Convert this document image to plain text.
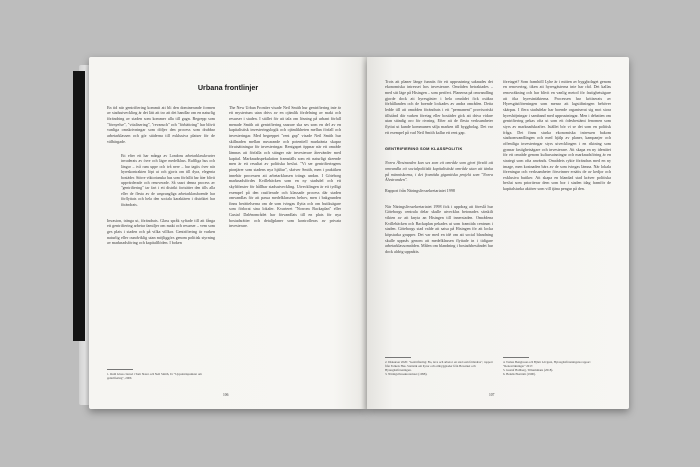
Urbana frontlinjer

En tid när gentrifiering kommit att bli den dominerande formen av stadsutveckling är det lätt att tro att det handlar om en naturlig förändring av staden som kommer alla till gagn. Begrepp som "förnyelse", "vitalisering", "revansch" och "förbättring" har blivit vanliga omskrivningar som döljer den process som drabbar arbetarklassen och gör städerna till exklusiva platser för de välbärgade.

Ett efter ett har många av Londons arbetarklasskvarter invaderats av övre och lägre medelklass. Ruffliga hus och längor – två rum uppe och två nere – har tagits över när hyreskontrakten löpt ut och gjorts om till dyra, elegenta bostäder. Större viktorianska hus som förfallit har åter blivit uppvärderade och renoverade. Så snart denna process av "gentrifiering" tar fart i ett distrikt fortsätter den tills alla eller de flesta av de ursprungliga arbetarklassboende har förflyttats och hela den sociala karaktären i distriktet har förändrats.

Invasion, tränga ut, förändrats. Glass språk syftade till att fånga ett gentrifiering arbetar familjer om makt och resurser – vem som ges plats i staden och på vilka villkor. Gentrifiering är varken naturlig eller oundviklig utan möjliggörs genom politisk styrning av marknadsföring och kapitalflöden. I boken

The New Urban Frontier visade Neil Smith hur gentrifiering inte är ett mysterium utan drivs av en ojämlik fördelning av makt och resurser i staden. I stället för att tala om lösning på urbant förfall menade Smith att gentrifiering snarare ska ses som en del av en kapitalistisk investeringslogik och ojämlikheten mellan förfall och investeringar. Med begreppet "rent gap" visade Neil Smith hur skillnaden mellan nuvarande och potentiell markränta skapar förutsättningar för investeringar. Rentgapet öppnar när ett område lämnas att förfalla och stänger när investerare återvänder med kapital. Marknadsspekulation framställs som ett naturligt skeende men är ett resultat av politiska beslut. "Vi ser gentrifieringens pionjärer som stadens nya hjältar", skriver Smith, men i praktiken innebär processen att arbetarklassen trängs undan. I Göteborg marknadsfördes Kvillebäcken som en ny stadsdel och ett skyltfönster för hållbar stadsutveckling. Utvecklingen är ett tydligt exempel på den rasifierade och klassade process där staden omvandlas för att passa medelklassens behov, men i bakgrunden finns berättelserna om de som tvingas flytta och om butiksägare som förlorat sina lokaler. Kvarteret "Norrom Backaplan" eller Gustaf Dalénområdet har förvandlats till en plats för nya bostadsrätter och detaljplaner som kontrolleras av privata investerare.

1. Ruth Glass citerad i Tom Slater och Neil Smith, Ur "Uppsnäckpunkter om gentrifiering", 2006
106

Trots att planer länge funnits för ett upprustning saknades det ekonomiska intresset hos investerare. Områden betraktades – med sitt läge på Hisingen – som perifert. Planerna på omvandling gjorde dock att hyresgäster i hela området fick osäkra förhållanden och de boende lockades av andra områden. Detta ledde till att områden förändrats i ett "permanent" provisoriskt tillstånd där varken företag eller bostäder gick att driva vidare utan ständig oro för rivning. Efter att de flesta verksamheter flyttat ut kunde kommunen sälja marken till byggbolag. Det var ett exempel på vad Neil Smith kallar ett rent gap.

GENTRIFIERING SOM KLASSPOLITIK

Norra Älvstranden kan ses som ett område som gjort försök att omvandla ett socialpolitiskt kapitalistiskt område utan att tänka på människorna, i det framtida gigantiska projekt som "Norra Älvstranden".

Rapport från Näringslivssekretariatet 1998

När Näringslivssekretariatet 1998 fick i uppdrag att föreslå hur Göteborgs centrala delar skulle utvecklas betonades särskilt vikten av att knyta an Hisingen till innerstaden. Områdena Kvillebäcken och Backaplan pekades ut som framtida centrum i staden. Göteborgs stad valde att satsa på Hisingen för att locka köpstarka grupper. Det var med en idé om att social blandning skulle uppnås genom att medelklassen flyttade in i tidigare arbetarklassområden. Målen om blandning i bostadsbeståndet har dock aldrig uppnåtts.

företaget? Som framhöll Lyhe är i mitten av byggbolaget genom en renovering, tiken att hyresgästerna inte har råd. Det kallas renovräkning och har blivit en vanlig metod för fastighetsägare att öka hyresintäkterna. Processen har kritiserats av Hyresgästföreningen som menar att lagstiftningen behöver skärpas. I flera stadsdelar har boende organiserat sig mot stora hyreshöjningar i samband med upprustningar. Men i debatten om gentrifiering pekas ofta ut som ett ödesbestämt fenomen som styrs av marknadskrafter. Istället bör vi se det som en politisk fråga. Det finns starka ekonomiska intressen bakom stadsomvandlingen och med hjälp av planer, kampanjer och offentliga investeringar styrs utvecklingen i en riktning som gynnar fastighetsägare och investerare. Att skapa en ny identitet för ett område genom kultursatsningar och marknadsföring är en strategi som ofta används. Områdets rykte förändras med en ny image, men kostnaden bärs av de som tvingas lämna. När lokala föreningar och verksamheter försvinner ersätts de av kedjor och exklusiva butiker. Att skapa en blandad stad kräver politiska beslut som prioriterar dem som bor i staden idag framför de kapitalstarka aktörer som vill tjäna pengar på den.

2. Diskurser 2020: "Gentrifiering: Bo, leva och arbeta i en stad som förändras", rapport från Folkets Hus. Statistik om hyror och ombyggnader från Boverket och Hyresgästföreningen.
3. Näringslivssekretariatet (1998).
4. Tomas Bengtsson och Björn Lövgren, Hyresgästföreningens rapport "Renovräkningar" 2017.
5. Gustaf Hallberg, Tillsammans (2018).
6. Henrik Ekström (1990).
107
